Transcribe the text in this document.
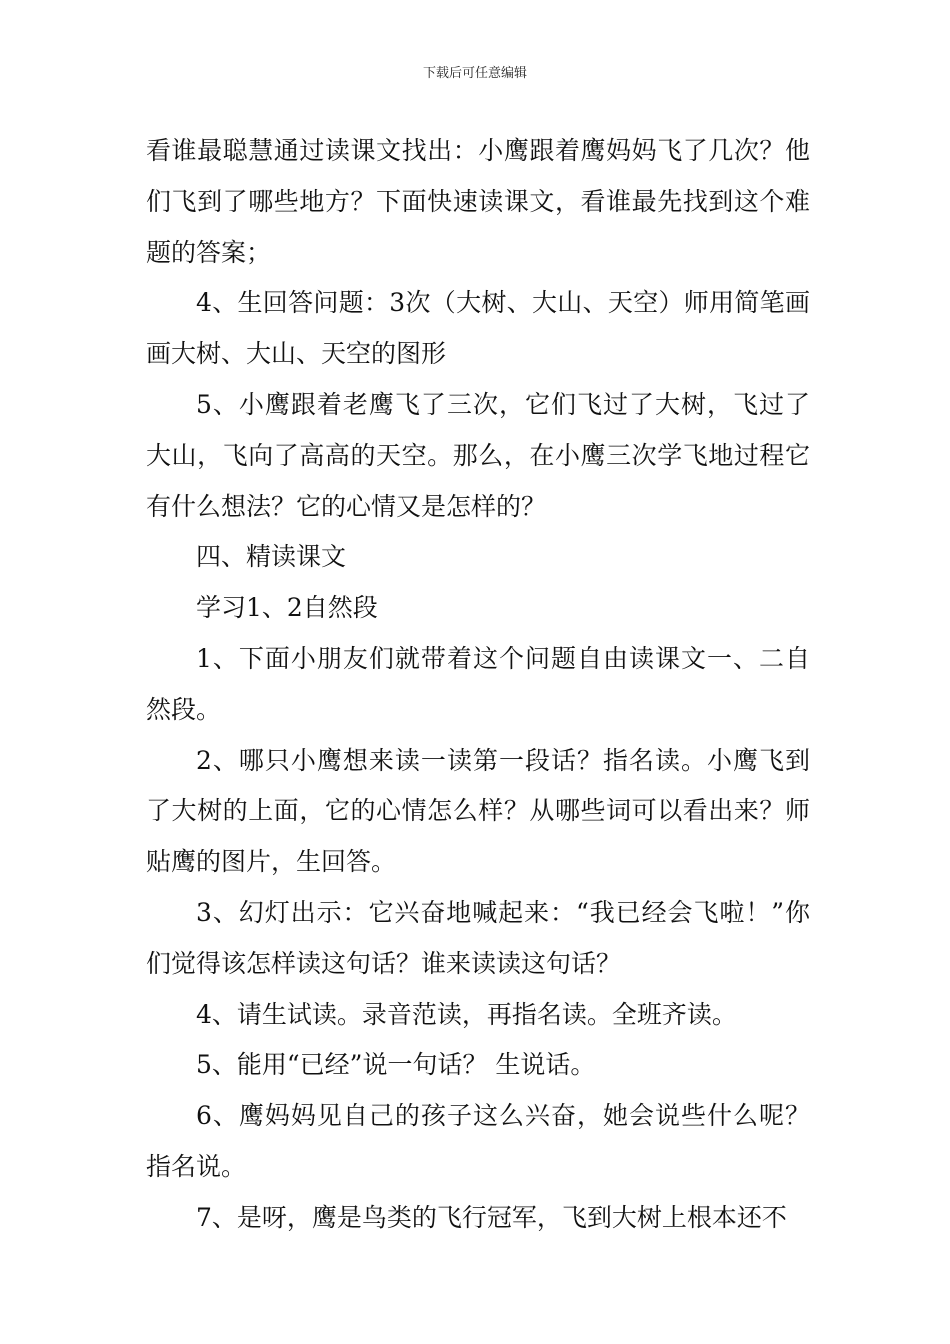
下载后可任意编辑

看谁最聪慧通过读课文找出：小鹰跟着鹰妈妈飞了几次？他们飞到了哪些地方？下面快速读课文，看谁最先找到这个难题的答案；

4、生回答问题：3次（大树、大山、天空）师用简笔画画大树、大山、天空的图形

5、小鹰跟着老鹰飞了三次，它们飞过了大树，飞过了大山，飞向了高高的天空。那么，在小鹰三次学飞地过程它有什么想法？它的心情又是怎样的？

四、精读课文

学习1、2自然段

1、下面小朋友们就带着这个问题自由读课文一、二自然段。

2、哪只小鹰想来读一读第一段话？指名读。小鹰飞到了大树的上面，它的心情怎么样？从哪些词可以看出来？师贴鹰的图片，生回答。

3、幻灯出示：它兴奋地喊起来：“我已经会飞啦！”你们觉得该怎样读这句话？谁来读读这句话？

4、请生试读。录音范读，再指名读。全班齐读。

5、能用“已经”说一句话？ 生说话。

6、鹰妈妈见自己的孩子这么兴奋，她会说些什么呢？指名说。

7、是呀，鹰是鸟类的飞行冠军，飞到大树上根本还不
